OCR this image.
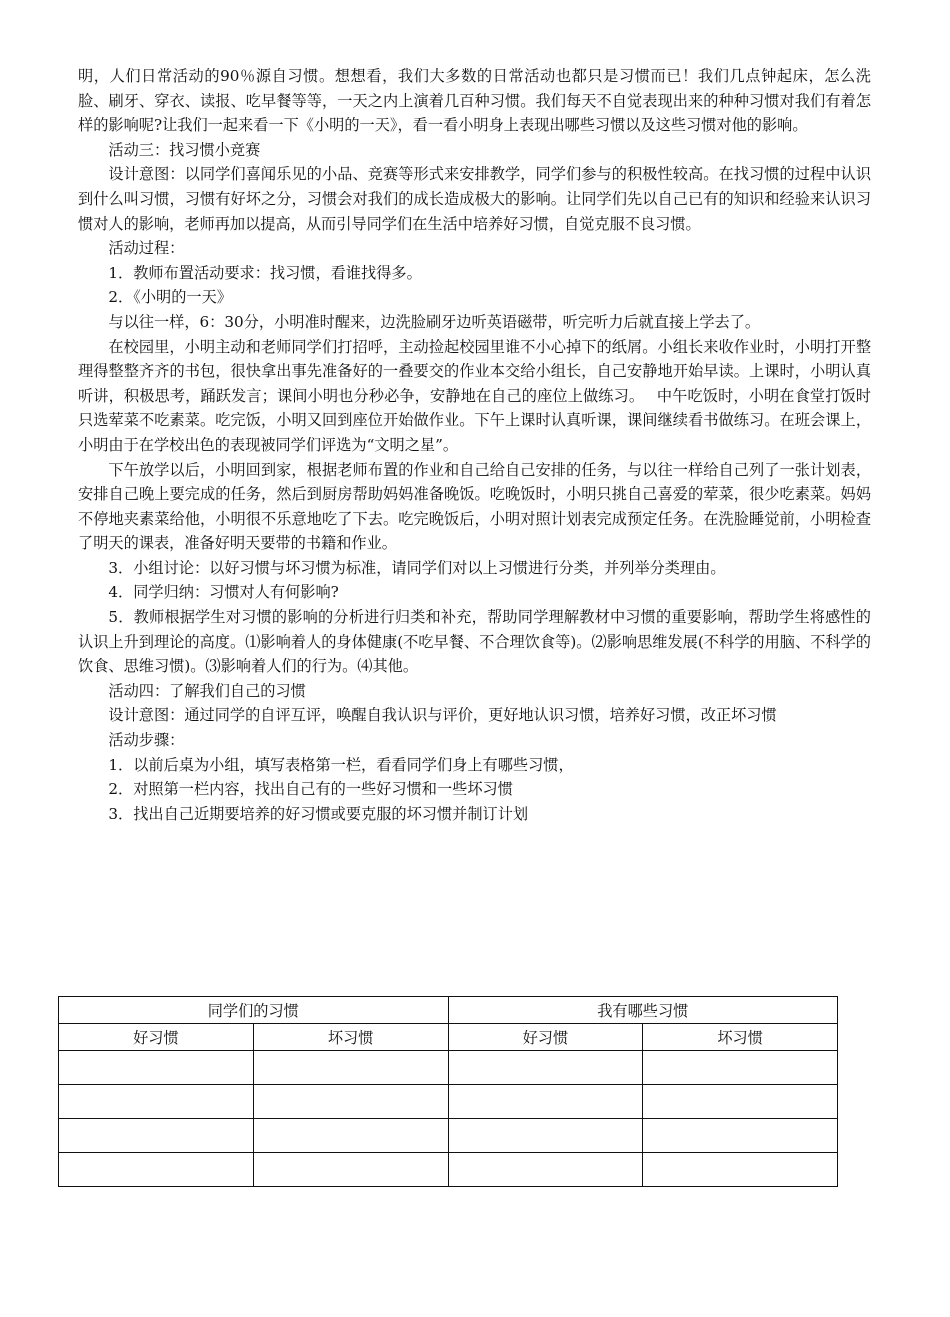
明，人们日常活动的90％源自习惯。想想看，我们大多数的日常活动也都只是习惯而已！我们几点钟起床，怎么洗脸、刷牙、穿衣、读报、吃早餐等等，一天之内上演着几百种习惯。我们每天不自觉表现出来的种种习惯对我们有着怎样的影响呢?让我们一起来看一下《小明的一天》，看一看小明身上表现出哪些习惯以及这些习惯对他的影响。

活动三：找习惯小竞赛

设计意图：以同学们喜闻乐见的小品、竞赛等形式来安排教学，同学们参与的积极性较高。在找习惯的过程中认识到什么叫习惯，习惯有好坏之分，习惯会对我们的成长造成极大的影响。让同学们先以自己已有的知识和经验来认识习惯对人的影响，老师再加以提高，从而引导同学们在生活中培养好习惯，自觉克服不良习惯。

活动过程：

1．教师布置活动要求：找习惯，看谁找得多。

2．《小明的一天》

与以往一样，6：30分，小明准时醒来，边洗脸刷牙边听英语磁带，听完听力后就直接上学去了。

在校园里，小明主动和老师同学们打招呼，主动捡起校园里谁不小心掉下的纸屑。小组长来收作业时，小明打开整理得整整齐齐的书包，很快拿出事先准备好的一叠要交的作业本交给小组长，自己安静地开始早读。上课时，小明认真听讲，积极思考，踊跃发言；课间小明也分秒必争，安静地在自己的座位上做练习。　 中午吃饭时，小明在食堂打饭时只选荤菜不吃素菜。吃完饭，小明又回到座位开始做作业。下午上课时认真听课，课间继续看书做练习。在班会课上，小明由于在学校出色的表现被同学们评选为“文明之星”。

下午放学以后，小明回到家，根据老师布置的作业和自己给自己安排的任务，与以往一样给自己列了一张计划表，安排自己晚上要完成的任务，然后到厨房帮助妈妈准备晚饭。吃晚饭时，小明只挑自己喜爱的荤菜，很少吃素菜。妈妈不停地夹素菜给他，小明很不乐意地吃了下去。吃完晚饭后，小明对照计划表完成预定任务。在洗脸睡觉前，小明检查了明天的课表，准备好明天要带的书籍和作业。

3．小组讨论：以好习惯与坏习惯为标准，请同学们对以上习惯进行分类，并列举分类理由。

4．同学归纳：习惯对人有何影响?

5．教师根据学生对习惯的影响的分析进行归类和补充，帮助同学理解教材中习惯的重要影响，帮助学生将感性的认识上升到理论的高度。⑴影响着人的身体健康(不吃早餐、不合理饮食等)。⑵影响思维发展(不科学的用脑、不科学的饮食、思维习惯)。⑶影响着人们的行为。⑷其他。

活动四：了解我们自己的习惯

设计意图：通过同学的自评互评，唤醒自我认识与评价，更好地认识习惯，培养好习惯，改正坏习惯

活动步骤：

1．以前后桌为小组，填写表格第一栏，看看同学们身上有哪些习惯，

2．对照第一栏内容，找出自己有的一些好习惯和一些坏习惯

3．找出自己近期要培养的好习惯或要克服的坏习惯并制订计划

同学们的习惯		我有哪些习惯	
好习惯	坏习惯	好习惯	坏习惯
